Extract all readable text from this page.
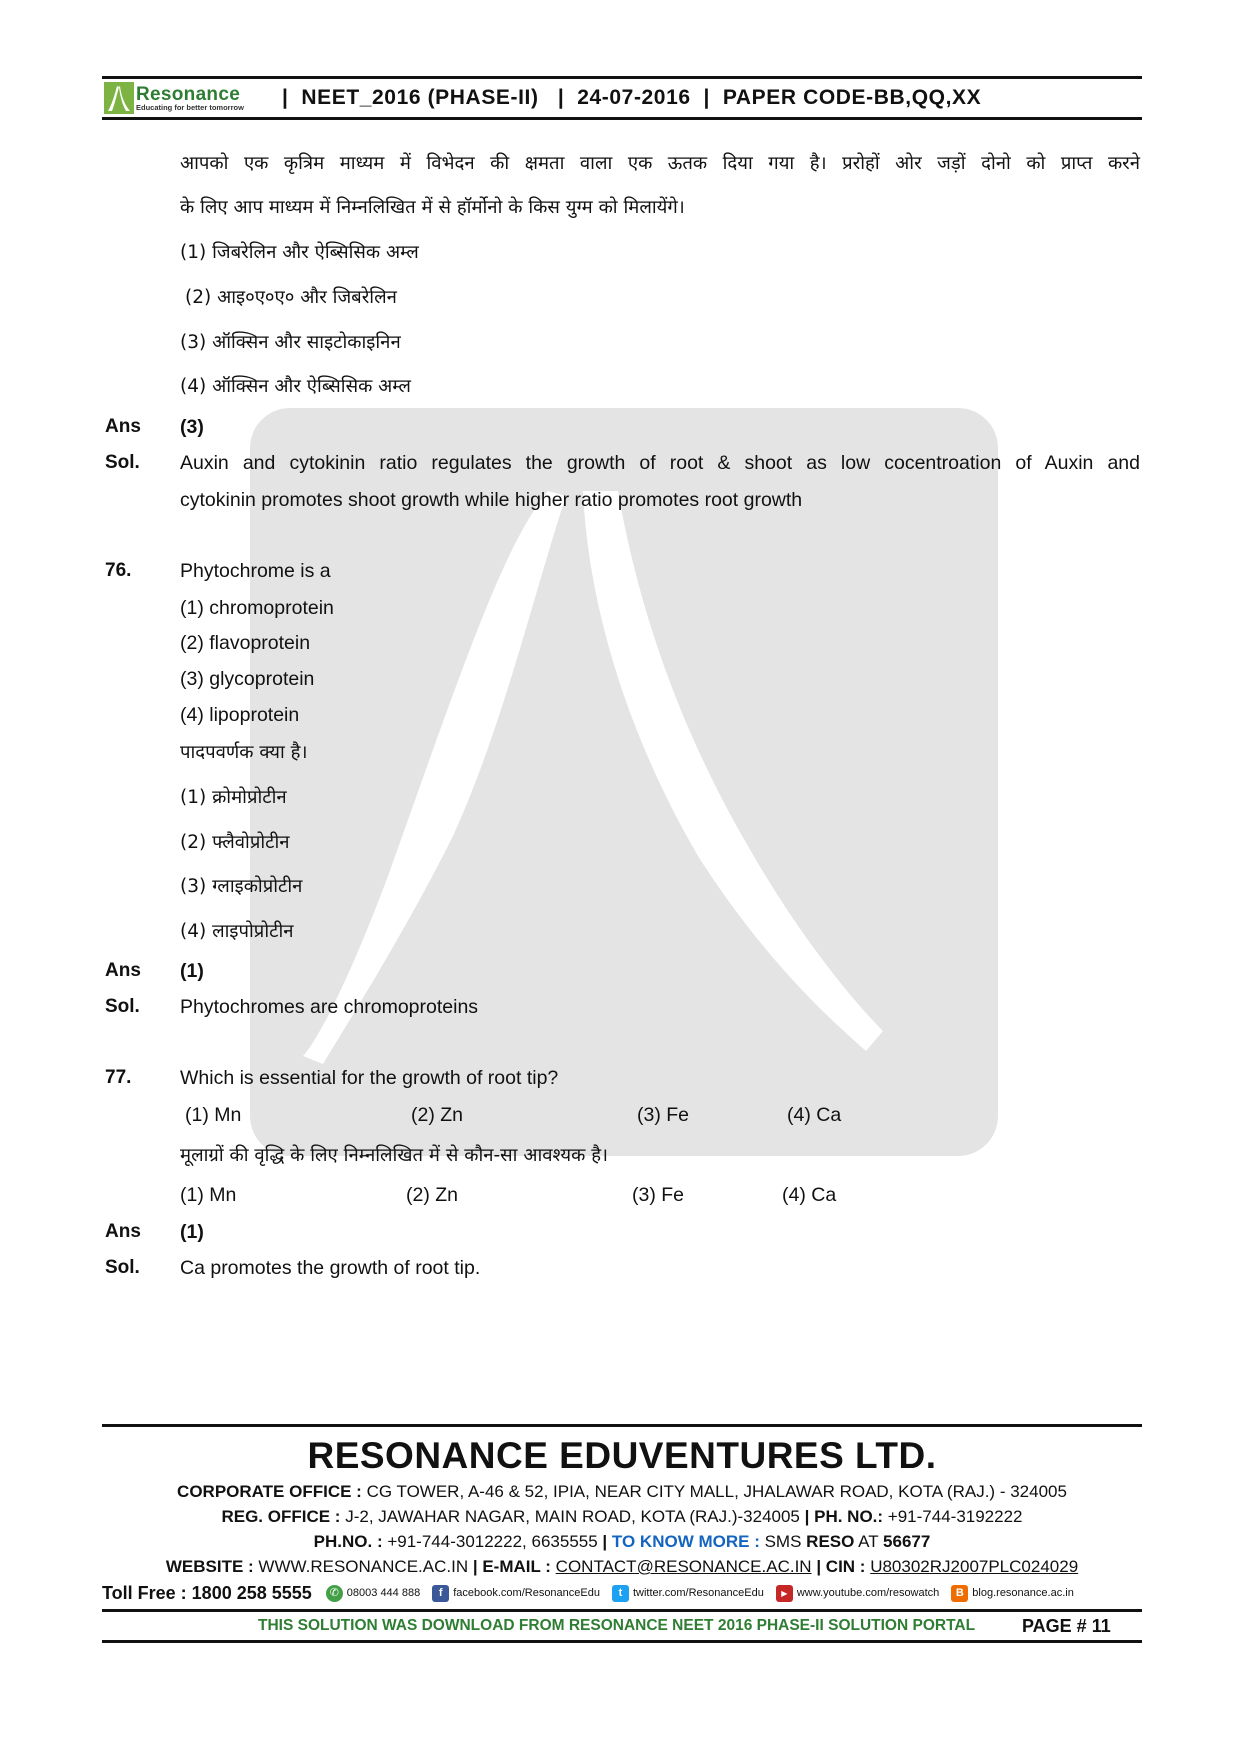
Resonance
Educating for better tomorrow |  NEET_2016 (PHASE-II)   |  24-07-2016  |  PAPER CODE-BB,QQ,XX
आपको एक कृत्रिम माध्यम में विभेदन की क्षमता वाला एक ऊतक दिया गया है। प्ररोहों ओर जड़ों दोनो को प्राप्त करने
के लिए आप माध्यम में निम्नलिखित में से हॉर्मोनो के किस युग्म को मिलायेंगे।
(1) जिबरेलिन और ऐब्सिसिक अम्ल
(2) आइ०ए०ए० और जिबरेलिन
(3) ऑक्सिन और साइटोकाइनिन
(4) ऑक्सिन और ऐब्सिसिक अम्ल
Ans	(3)
Sol.	Auxin and cytokinin ratio regulates the growth of root & shoot as low cocentroation of Auxin and
cytokinin promotes shoot growth while higher ratio promotes root growth
76.	Phytochrome is a
(1) chromoprotein
(2) flavoprotein
(3) glycoprotein
(4) lipoprotein
पादपवर्णक क्या है।
(1) क्रोमोप्रोटीन
(2) फ्लैवोप्रोटीन
(3) ग्लाइकोप्रोटीन
(4) लाइपोप्रोटीन
Ans	(1)
Sol.	Phytochromes are chromoproteins
77.	Which is essential for the growth of root tip?
(1) Mn	(2) Zn	(3) Fe	(4) Ca
मूलाग्रों की वृद्धि के लिए निम्नलिखित में से कौन-सा आवश्यक है।
(1) Mn	(2) Zn	(3) Fe	(4) Ca
Ans	(1)
Sol.	Ca promotes the growth of root tip.
RESONANCE EDUVENTURES LTD.
CORPORATE OFFICE : CG TOWER, A-46 & 52, IPIA, NEAR CITY MALL, JHALAWAR ROAD, KOTA (RAJ.) - 324005
REG. OFFICE : J-2, JAWAHAR NAGAR, MAIN ROAD, KOTA (RAJ.)-324005 | PH. NO.: +91-744-3192222
PH.NO. : +91-744-3012222, 6635555 | TO KNOW MORE : SMS RESO AT 56677
WEBSITE : WWW.RESONANCE.AC.IN | E-MAIL : CONTACT@RESONANCE.AC.IN | CIN : U80302RJ2007PLC024029
Toll Free : 1800 258 5555	✆ 08003 444 888	f facebook.com/ResonanceEdu	t twitter.com/ResonanceEdu	▶ www.youtube.com/resowatch	B blog.resonance.ac.in
THIS SOLUTION WAS DOWNLOAD FROM RESONANCE NEET 2016 PHASE-II SOLUTION PORTAL	PAGE # 11
